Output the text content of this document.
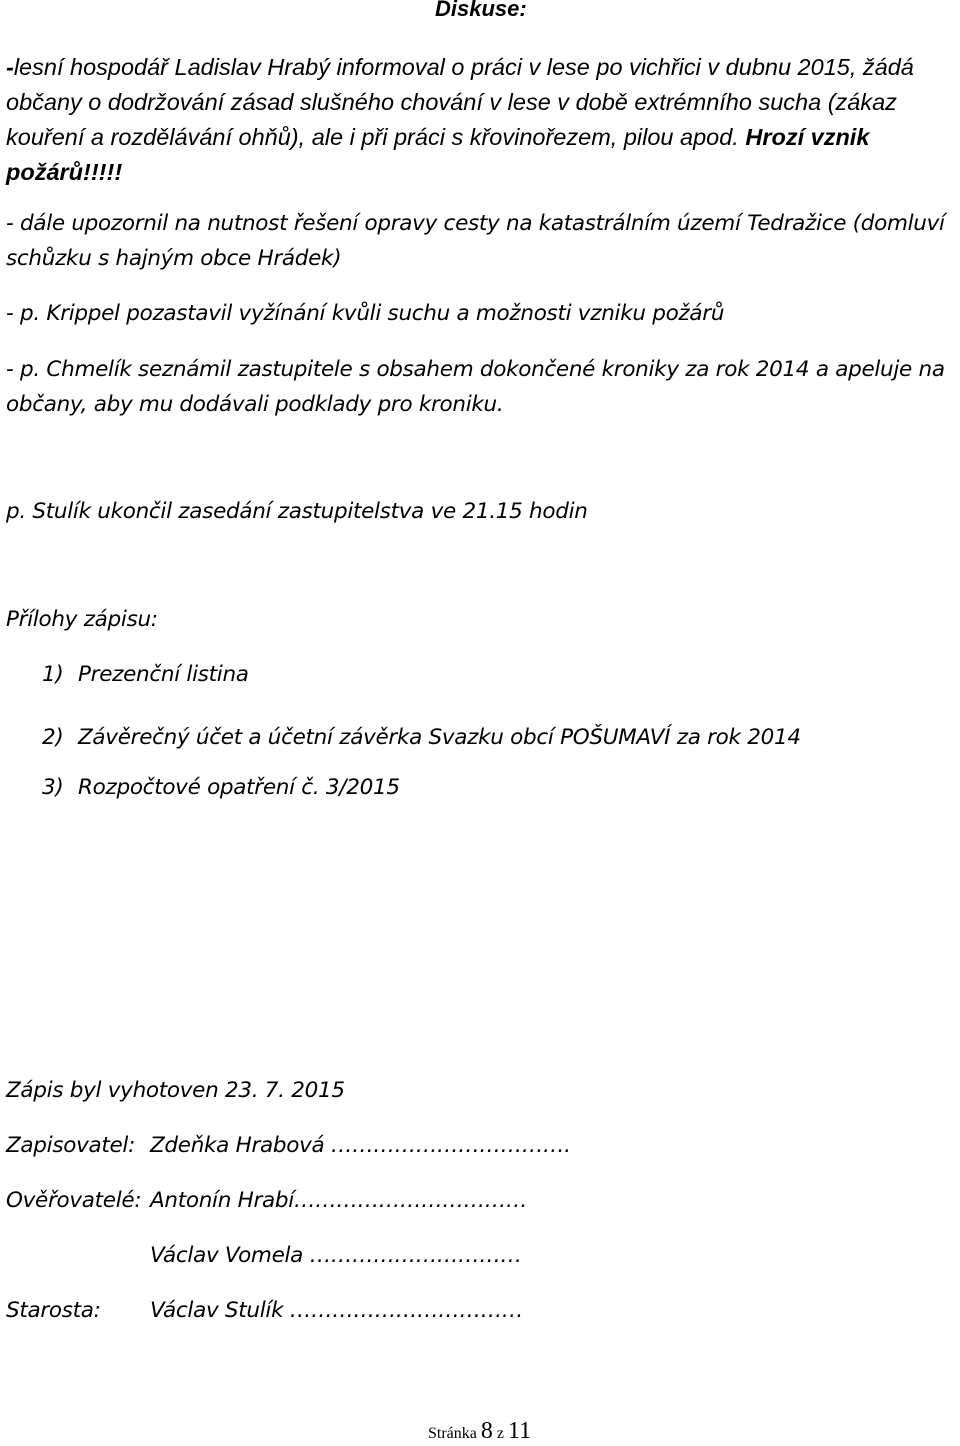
Diskuse:
-lesní hospodář Ladislav Hrabý informoval o práci v lese po vichřici v dubnu 2015, žádá občany o dodržování zásad slušného chování v lese v době extrémního sucha (zákaz kouření a rozdělávání ohňů), ale i při práci s křovinořezem, pilou apod. Hrozí vznik požárů!!!!!
- dále upozornil na nutnost řešení opravy cesty na katastrálním území Tedražice (domluví schůzku s hajným obce Hrádek)
- p. Krippel pozastavil vyžínání kvůli suchu a možnosti vzniku požárů
- p. Chmelík seznámil zastupitele s obsahem dokončené kroniky za rok 2014 a apeluje na občany, aby mu dodávali podklady pro kroniku.
p. Stulík ukončil zasedání zastupitelstva ve 21.15 hodin
Přílohy zápisu:
1) Prezenční listina
2) Závěrečný účet a účetní závěrka Svazku obcí POŠUMAVÍ za rok 2014
3) Rozpočtové opatření č. 3/2015
Zápis byl vyhotoven 23. 7. 2015
Zapisovatel: Zdeňka Hrabová …………………………….
Ověřovatelé: Antonín Hrabí……………………………
Václav Vomela …………………………
Starosta: Václav Stulík ……………………………
Stránka 8 z 11
